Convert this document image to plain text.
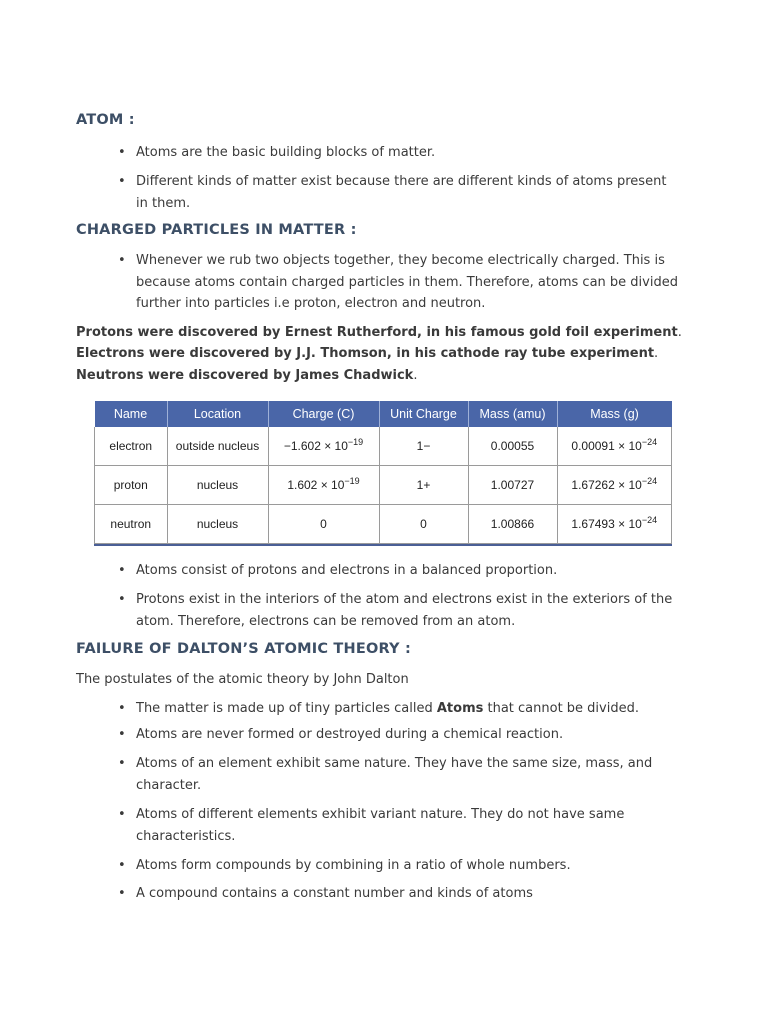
ATOM :
• Atoms are the basic building blocks of matter.
• Different kinds of matter exist because there are different kinds of atoms present
in them.
CHARGED PARTICLES IN MATTER :
• Whenever we rub two objects together, they become electrically charged. This is
because atoms contain charged particles in them. Therefore, atoms can be divided
further into particles i.e proton, electron and neutron.

Protons were discovered by Ernest Rutherford, in his famous gold foil experiment.

Electrons were discovered by J.J. Thomson, in his cathode ray tube experiment.

Neutrons were discovered by James Chadwick.

Name	Location	Charge (C)	Unit Charge	Mass (amu)	Mass (g)
electron	outside nucleus	$-1.602 \times 10^{-19}$	1−	0.00055	$0.00091 \times 10^{-24}$
proton	nucleus	$1.602 \times 10^{-19}$	1+	1.00727	$1.67262 \times 10^{-24}$
neutron	nucleus	0	0	1.00866	$1.67493 \times 10^{-24}$
• Atoms consist of protons and electrons in a balanced proportion.
• Protons exist in the interiors of the atom and electrons exist in the exteriors of the
atom. Therefore, electrons can be removed from an atom.
FAILURE OF DALTON’S ATOMIC THEORY :

The postulates of the atomic theory by John Dalton

• The matter is made up of tiny particles called Atoms that cannot be divided.
• Atoms are never formed or destroyed during a chemical reaction.
• Atoms of an element exhibit same nature. They have the same size, mass, and
character.
• Atoms of different elements exhibit variant nature. They do not have same
characteristics.
• Atoms form compounds by combining in a ratio of whole numbers.
• A compound contains a constant number and kinds of atoms
